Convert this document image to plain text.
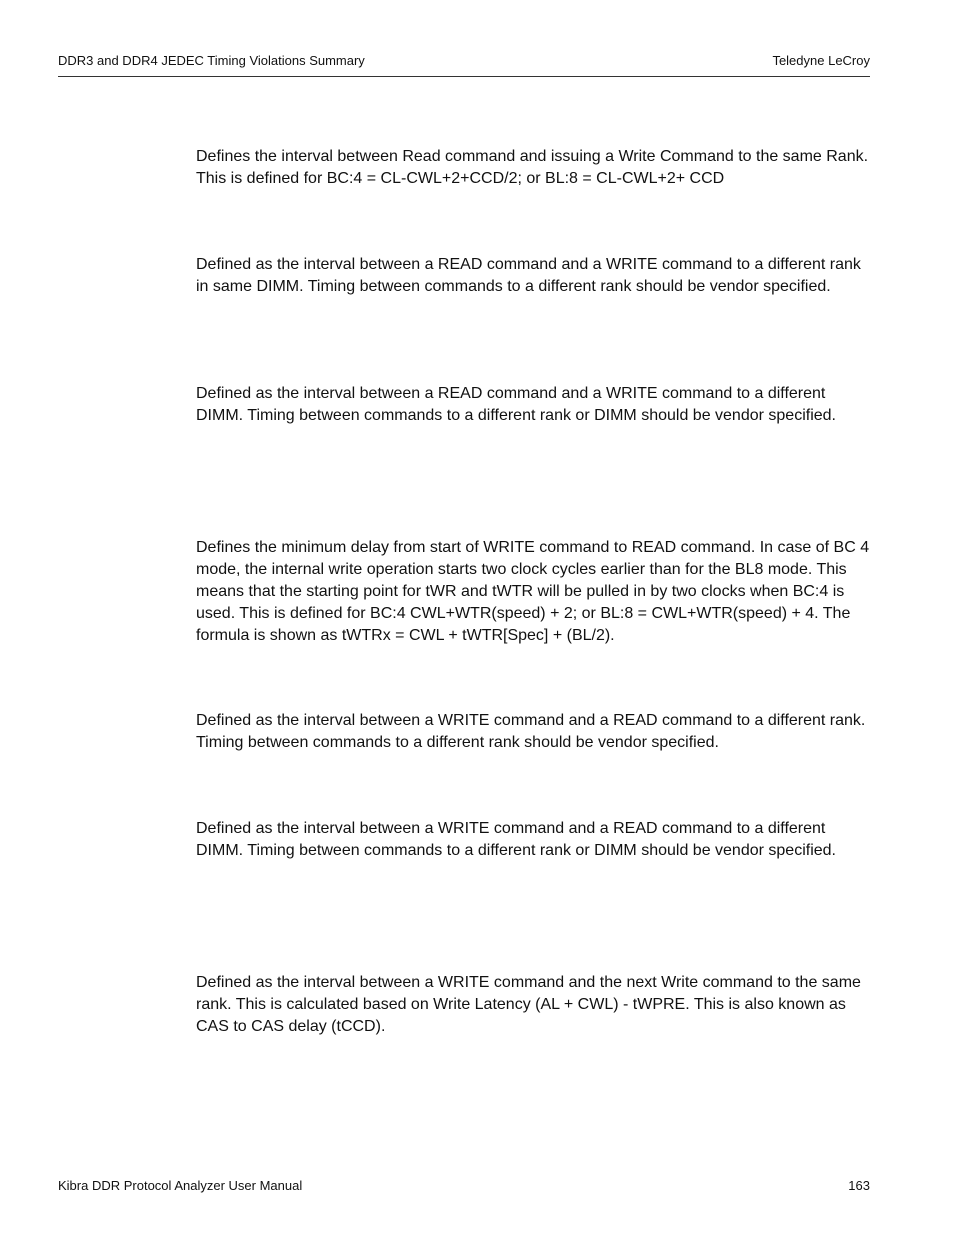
DDR3 and DDR4 JEDEC Timing Violations Summary	Teledyne LeCroy

Defines the interval between Read command and issuing a Write Command to the same Rank. This is defined for BC:4 = CL-CWL+2+CCD/2; or BL:8 = CL-CWL+2+ CCD

Defined as the interval between a READ command and a WRITE command to a different rank in same DIMM. Timing between commands to a different rank should be vendor specified.

Defined as the interval between a READ command and a WRITE command to a different DIMM. Timing between commands to a different rank or DIMM should be vendor specified.

Defines the minimum delay from start of WRITE command to READ command. In case of BC 4 mode, the internal write operation starts two clock cycles earlier than for the BL8 mode. This means that the starting point for tWR and tWTR will be pulled in by two clocks when BC:4 is used. This is defined for BC:4 CWL+WTR(speed) + 2; or BL:8 = CWL+WTR(speed) + 4. The formula is shown as tWTRx = CWL + tWTR[Spec] + (BL/2).

Defined as the interval between a WRITE command and a READ command to a different rank. Timing between commands to a different rank should be vendor specified.

Defined as the interval between a WRITE command and a READ command to a different DIMM. Timing between commands to a different rank or DIMM should be vendor specified.

Defined as the interval between a WRITE command and the next Write command to the same rank. This is calculated based on Write Latency (AL + CWL) - tWPRE. This is also known as CAS to CAS delay (tCCD).

Kibra DDR Protocol Analyzer User Manual	163
